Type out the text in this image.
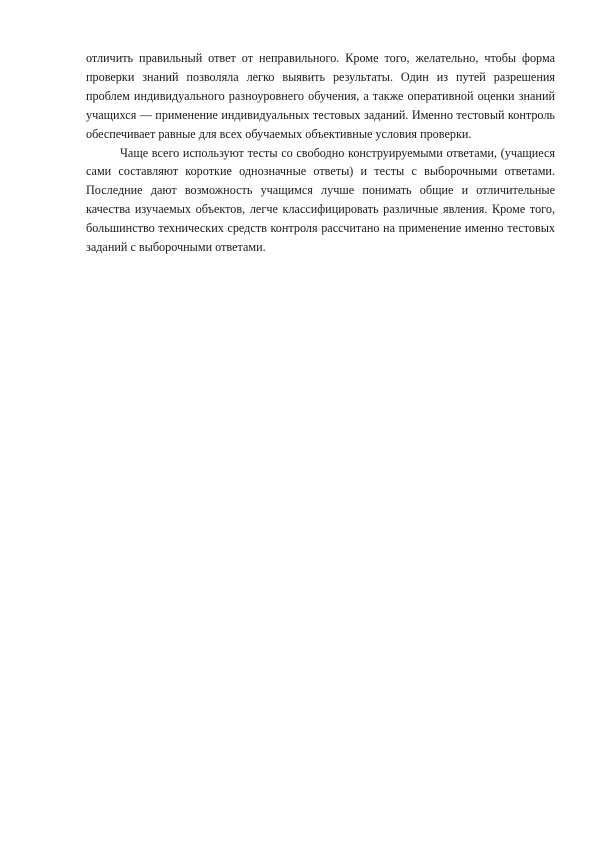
отличить правильный ответ от неправильного. Кроме того, желательно, чтобы форма проверки знаний позволяла легко выявить результаты. Один из путей разрешения проблем индивидуального разноуровнего обучения, а также оперативной оценки знаний учащихся — применение индивидуальных тестовых заданий. Именно тестовый контроль обеспечивает равные для всех обучаемых объективные условия проверки.

Чаще всего используют тесты со свободно конструируемыми ответами, (учащиеся сами составляют короткие однозначные ответы) и тесты с выборочными ответами. Последние дают возможность учащимся лучше понимать общие и отличительные качества изучаемых объектов, легче классифицировать различные явления. Кроме того, большинство технических средств контроля рассчитано на применение именно тестовых заданий с выборочными ответами.
